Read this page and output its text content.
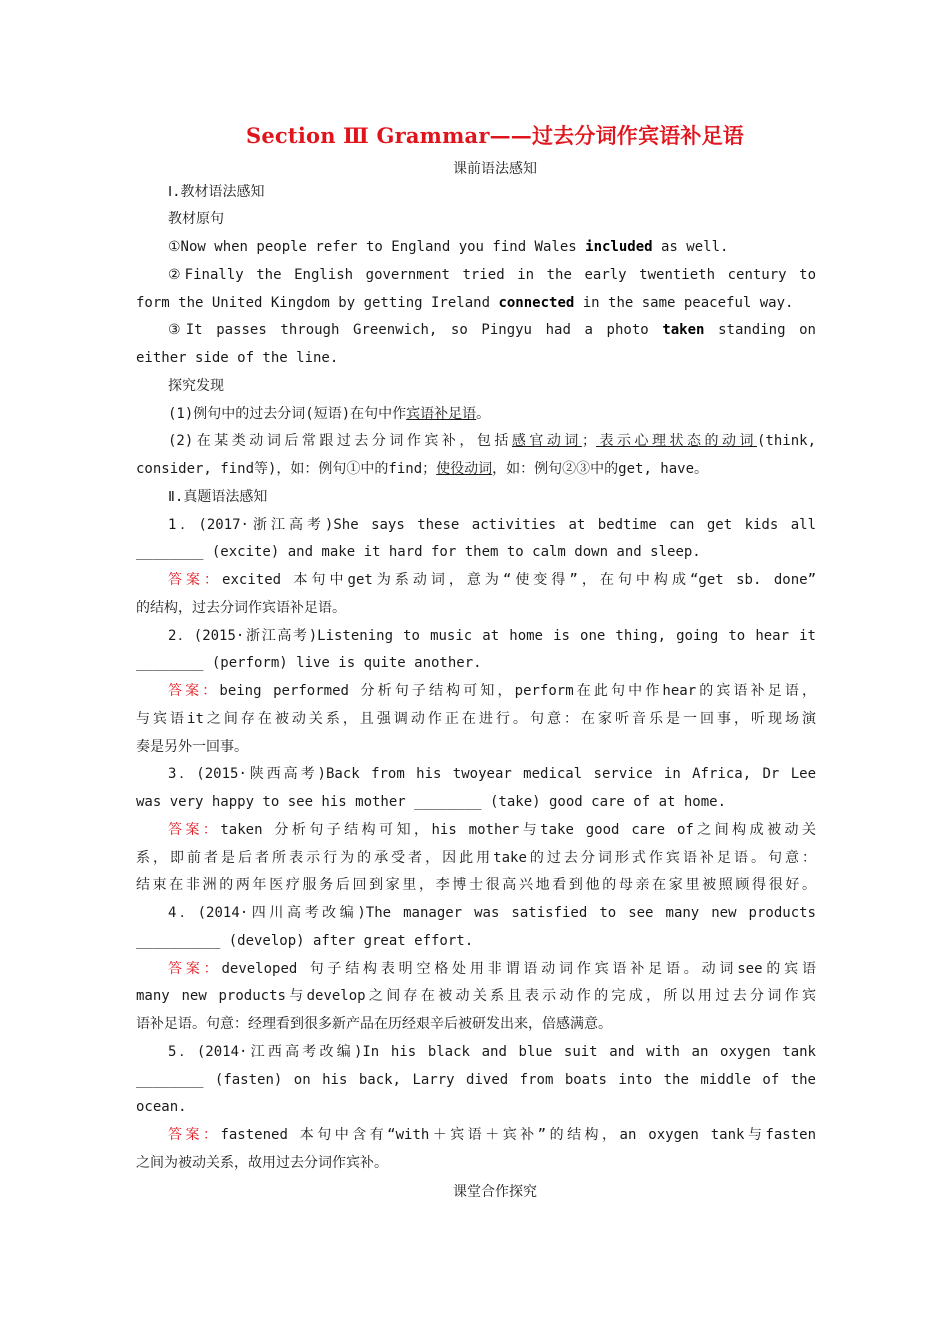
Section Ⅲ Grammar——过去分词作宾语补足语
课前语法感知
Ⅰ.教材语法感知
教材原句
①Now when people refer to England you find Wales included as well.
②Finally the English government tried in the early twentieth century to
form the United Kingdom by getting Ireland connected in the same peaceful way.
③It passes through Greenwich, so Pingyu had a photo taken standing on
either side of the line.
探究发现
(1)例句中的过去分词(短语)在句中作宾语补足语。
(2)在某类动词后常跟过去分词作宾补，包括感官动词；表示心理状态的动词(think,
consider, find等)，如：例句①中的find；使役动词，如：例句②③中的get, have。
Ⅱ.真题语法感知
1．(2017·浙江高考)She says these activities at bedtime can get kids all
________ (excite) and make it hard for them to calm down and sleep.
答案：excited 本句中get为系动词，意为“使变得”，在句中构成“get sb. done”
的结构，过去分词作宾语补足语。
2．(2015·浙江高考)Listening to music at home is one thing, going to hear it
________ (perform) live is quite another.
答案：being performed 分析句子结构可知，perform在此句中作hear的宾语补足语，
与宾语it之间存在被动关系，且强调动作正在进行。句意：在家听音乐是一回事，听现场演
奏是另外一回事。
3．(2015·陕西高考)Back from his twoyear medical service in Africa, Dr Lee
was very happy to see his mother ________ (take) good care of at home.
答案：taken 分析句子结构可知，his mother与take good care of之间构成被动关
系，即前者是后者所表示行为的承受者，因此用take的过去分词形式作宾语补足语。句意：
结束在非洲的两年医疗服务后回到家里，李博士很高兴地看到他的母亲在家里被照顾得很好。
4．(2014·四川高考改编)The manager was satisfied to see many new products
__________ (develop) after great effort.
答案：developed 句子结构表明空格处用非谓语动词作宾语补足语。动词see的宾语
many new products与develop之间存在被动关系且表示动作的完成，所以用过去分词作宾
语补足语。句意：经理看到很多新产品在历经艰辛后被研发出来，倍感满意。
5．(2014·江西高考改编)In his black and blue suit and with an oxygen tank
________ (fasten) on his back, Larry dived from boats into the middle of the
ocean.
答案：fastened 本句中含有“with＋宾语＋宾补”的结构，an oxygen tank与fasten
之间为被动关系，故用过去分词作宾补。
课堂合作探究
